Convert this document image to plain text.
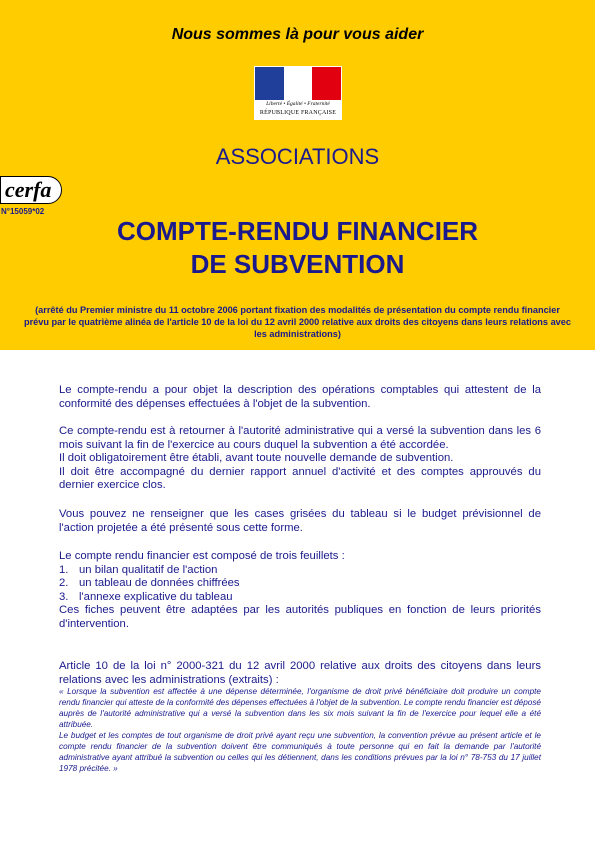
Nous sommes là pour vous aider
Liberté • Égalité • Fraternité
RÉPUBLIQUE FRANÇAISE
ASSOCIATIONS
cerfa
N°15059*02
COMPTE-RENDU FINANCIER
DE SUBVENTION
(arrêté du Premier ministre du 11 octobre 2006 portant fixation des modalités de présentation du compte rendu financier prévu par le quatrième alinéa de l'article 10 de la loi du 12 avril 2000 relative aux droits des citoyens dans leurs relations avec les administrations)

Le compte-rendu a pour objet la description des opérations comptables qui attestent de la conformité des dépenses effectuées à l'objet de la subvention.

Ce compte-rendu est à retourner à l'autorité administrative qui a versé la subvention dans les 6 mois suivant la fin de l'exercice au cours duquel la subvention a été accordée.

Il doit obligatoirement être établi, avant toute nouvelle demande de subvention.

Il doit être accompagné du dernier rapport annuel d'activité et des comptes approuvés du dernier exercice clos.

Vous pouvez ne renseigner que les cases grisées du tableau si le budget prévisionnel de l'action projetée a été présenté sous cette forme.

Le compte rendu financier est composé de trois feuillets :

1. un bilan qualitatif de l'action
2. un tableau de données chiffrées
3. l'annexe explicative du tableau

Ces fiches peuvent être adaptées par les autorités publiques en fonction de leurs priorités d'intervention.

Article 10 de la loi n° 2000-321 du 12 avril 2000 relative aux droits des citoyens dans leurs relations avec les administrations (extraits) :

« Lorsque la subvention est affectée à une dépense déterminée, l'organisme de droit privé bénéficiaire doit produire un compte rendu financier qui atteste de la conformité des dépenses effectuées à l'objet de la subvention. Le compte rendu financier est déposé auprès de l'autorité administrative qui a versé la subvention dans les six mois suivant la fin de l'exercice pour lequel elle a été attribuée.

Le budget et les comptes de tout organisme de droit privé ayant reçu une subvention, la convention prévue au présent article et le compte rendu financier de la subvention doivent être communiqués à toute personne qui en fait la demande par l'autorité administrative ayant attribué la subvention ou celles qui les détiennent, dans les conditions prévues par la loi n° 78-753 du 17 juillet 1978 précitée. »
